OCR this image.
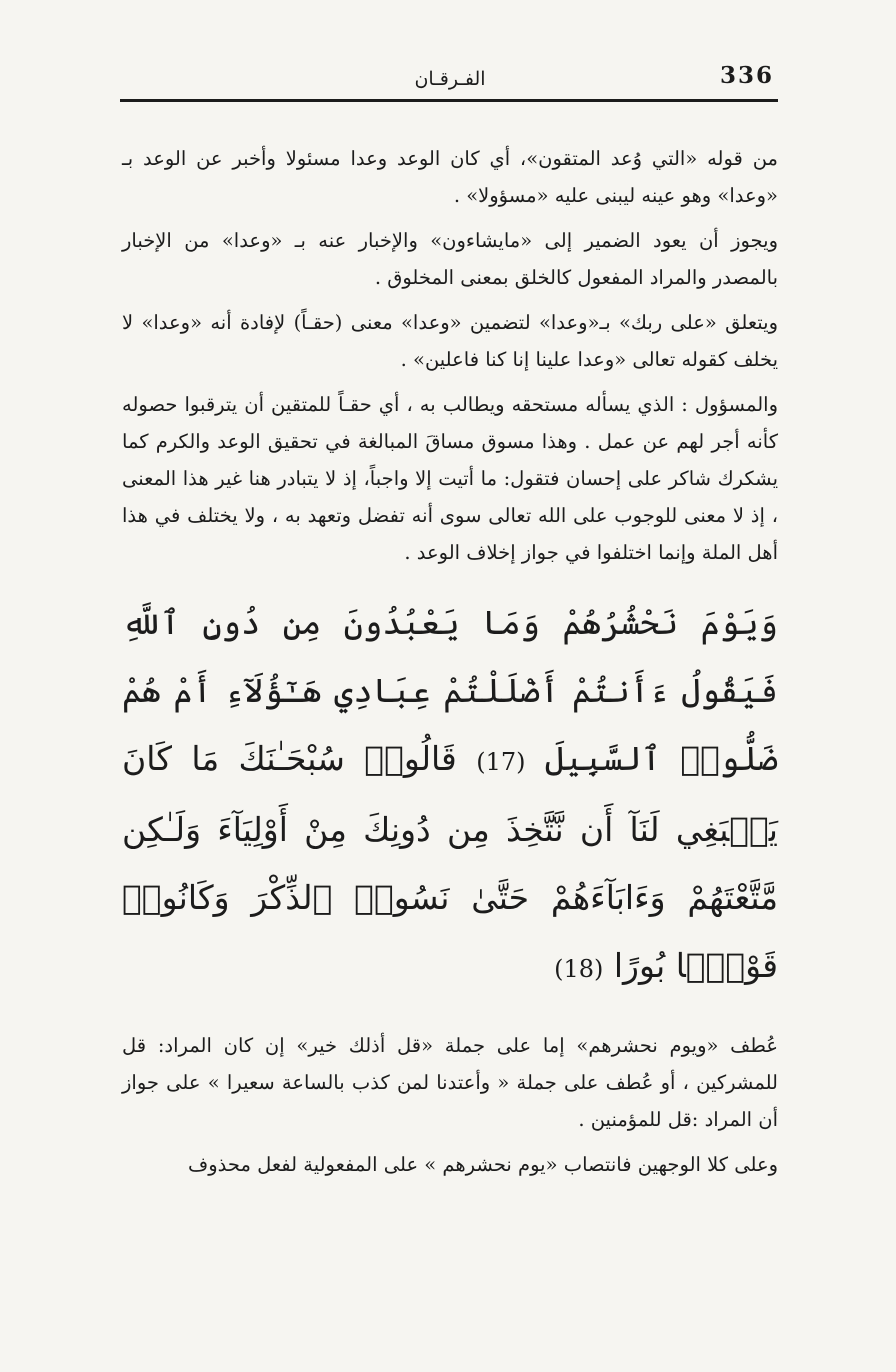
336
الفـرقـان

من قوله «التي وُعد المتقون»، أي كان الوعد وعدا مسئولا وأخبر عن الوعد بـ «وعدا» وهو عينه ليبنى عليه «مسؤولا» .

ويجوز أن يعود الضمير إلى «مايشاءون» والإخبار عنه بـ «وعدا» من الإخبار بالمصدر والمراد المفعول كالخلق بمعنى المخلوق .

ويتعلق «على ربك» بـ«وعدا» لتضمين «وعدا» معنى (حقـاً) لإفادة أنه «وعدا» لا يخلف كقوله تعالى «وعدا علينا إنا كنا فاعلين» .

والمسؤول : الذي يسأله مستحقه ويطالب به ، أي حقـاً للمتقين أن يترقبوا حصوله كأنه أجر لهم عن عمل . وهذا مسوق مساقَ المبالغة في تحقيق الوعد والكرم كما يشكرك شاكر على إحسان فتقول: ما أتيت إلا واجباً، إذ لا يتبادر هنا غير هذا المعنى ، إذ لا معنى للوجوب على الله تعالى سوى أنه تفضل وتعهد به ، ولا يختلف في هذا أهل الملة وإنما اختلفوا في جواز إخلاف الوعد .

وَيَوْمَ نَحْشُرُهُمْ وَمَا يَعْبُدُونَ مِن دُونِ ٱللَّهِ فَيَقُولُ ءَأَنتُمْ أَضْلَلْتُمْ عِبَادِي هَـٰٓؤُلَآءِ أَمْ هُمْ ضَلُّوا۟ ٱلسَّبِيلَ (17) قَالُوا۟ سُبْحَـٰنَكَ مَا كَانَ يَنۢبَغِي لَنَآ أَن نَّتَّخِذَ مِن دُونِكَ مِنْ أَوْلِيَآءَ وَلَـٰكِن مَّتَّعْتَهُمْ وَءَابَآءَهُمْ حَتَّىٰ نَسُوا۟ ٱلذِّكْرَ وَكَانُوا۟ قَوْمًۢا بُورًا (18)

عُطف «ويوم نحشرهم» إما على جملة «قل أذلك خير» إن كان المراد: قل للمشركين ، أو عُطف على جملة « وأعتدنا لمن كذب بالساعة سعيرا » على جواز أن المراد :قل للمؤمنين .

وعلى كلا الوجهين فانتصاب «يوم نحشرهم » على المفعولية لفعل محذوف
